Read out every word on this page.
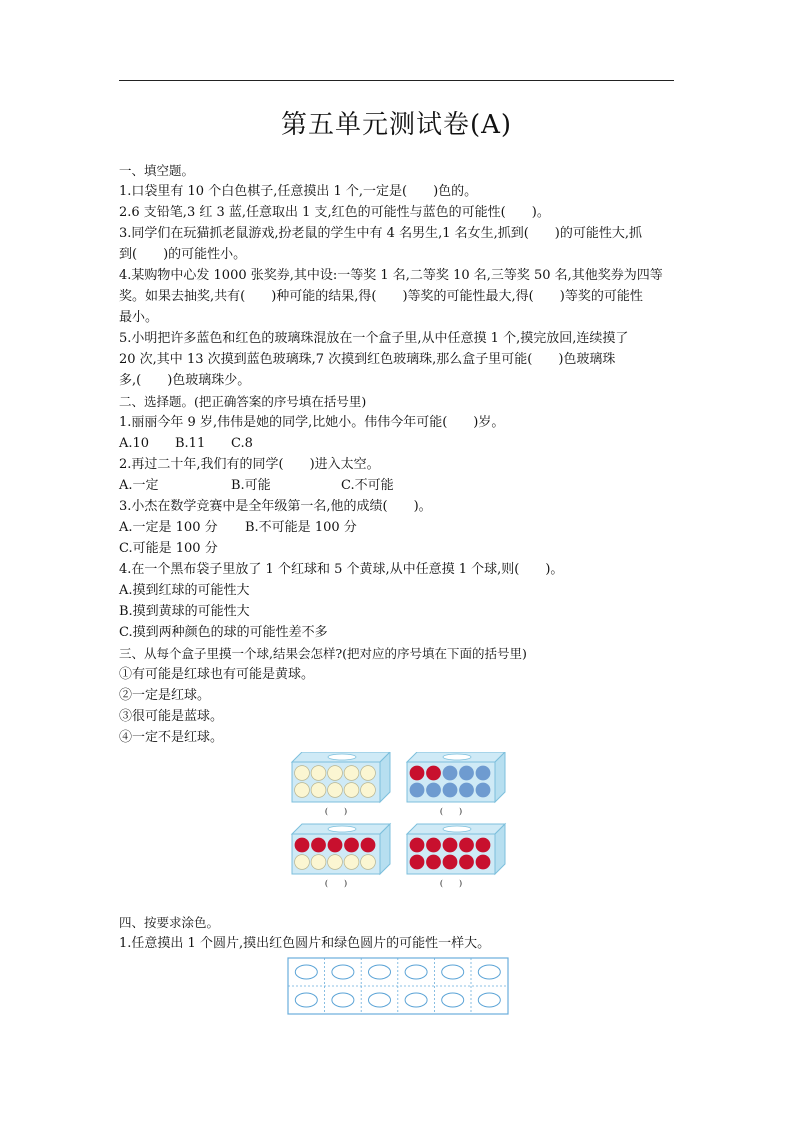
第五单元测试卷(A)
一、填空题。
1.口袋里有 10 个白色棋子,任意摸出 1 个,一定是(　　)色的。
2.6 支铅笔,3 红 3 蓝,任意取出 1 支,红色的可能性与蓝色的可能性(　　)。
3.同学们在玩猫抓老鼠游戏,扮老鼠的学生中有 4 名男生,1 名女生,抓到(　　)的可能性大,抓
到(　　)的可能性小。
4.某购物中心发 1000 张奖券,其中设:一等奖 1 名,二等奖 10 名,三等奖 50 名,其他奖券为四等
奖。如果去抽奖,共有(　　)种可能的结果,得(　　)等奖的可能性最大,得(　　)等奖的可能性
最小。
5.小明把许多蓝色和红色的玻璃珠混放在一个盒子里,从中任意摸 1 个,摸完放回,连续摸了
20 次,其中 13 次摸到蓝色玻璃珠,7 次摸到红色玻璃珠,那么盒子里可能(　　)色玻璃珠
多,(　　)色玻璃珠少。
二、选择题。(把正确答案的序号填在括号里)
1.丽丽今年 9 岁,伟伟是她的同学,比她小。伟伟今年可能(　　)岁。
A.10 B.11 C.8
2.再过二十年,我们有的同学(　　)进入太空。
A.一定	B.可能	C.不可能
3.小杰在数学竞赛中是全年级第一名,他的成绩(　　)。
A.一定是 100 分 B.不可能是 100 分
C.可能是 100 分
4.在一个黑布袋子里放了 1 个红球和 5 个黄球,从中任意摸 1 个球,则(　　)。
A.摸到红球的可能性大
B.摸到黄球的可能性大
C.摸到两种颜色的球的可能性差不多
三、从每个盒子里摸一个球,结果会怎样?(把对应的序号填在下面的括号里)
①有可能是红球也有可能是黄球。
②一定是红球。
③很可能是蓝球。
④一定不是红球。
(　　)	(　　)
(　　)	(　　)
四、按要求涂色。
1.任意摸出 1 个圆片,摸出红色圆片和绿色圆片的可能性一样大。
